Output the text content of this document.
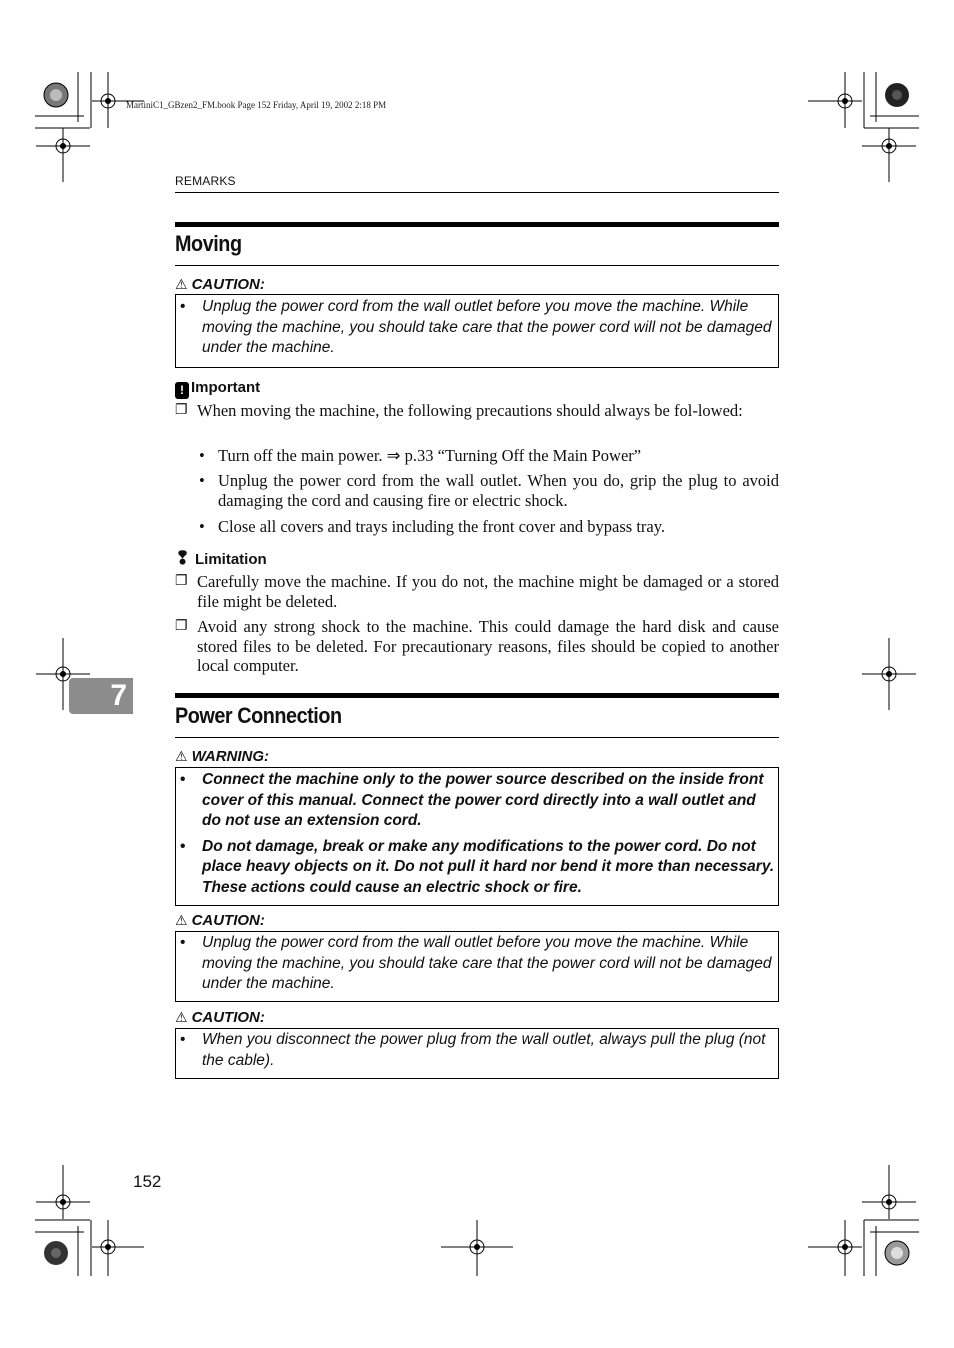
MartiniC1_GBzen2_FM.book Page 152 Friday, April 19, 2002 2:18 PM
REMARKS
Moving
⚠ CAUTION:
• Unplug the power cord from the wall outlet before you move the machine. While moving the machine, you should take care that the power cord will not be damaged under the machine.
! Important
❐ When moving the machine, the following precautions should always be fol-lowed:
• Turn off the main power. ⇒ p.33 “Turning Off the Main Power”
• Unplug the power cord from the wall outlet. When you do, grip the plug to avoid damaging the cord and causing fire or electric shock.
• Close all covers and trays including the front cover and bypass tray.
❢ Limitation
❐ Carefully move the machine. If you do not, the machine might be damaged or a stored file might be deleted.
❐ Avoid any strong shock to the machine. This could damage the hard disk and cause stored files to be deleted. For precautionary reasons, files should be copied to another local computer.
7
Power Connection
⚠ WARNING:
• Connect the machine only to the power source described on the inside front cover of this manual. Connect the power cord directly into a wall outlet and do not use an extension cord.
• Do not damage, break or make any modifications to the power cord. Do not place heavy objects on it. Do not pull it hard nor bend it more than necessary. These actions could cause an electric shock or fire.
⚠ CAUTION:
• Unplug the power cord from the wall outlet before you move the machine. While moving the machine, you should take care that the power cord will not be damaged under the machine.
⚠ CAUTION:
• When you disconnect the power plug from the wall outlet, always pull the plug (not the cable).
152
